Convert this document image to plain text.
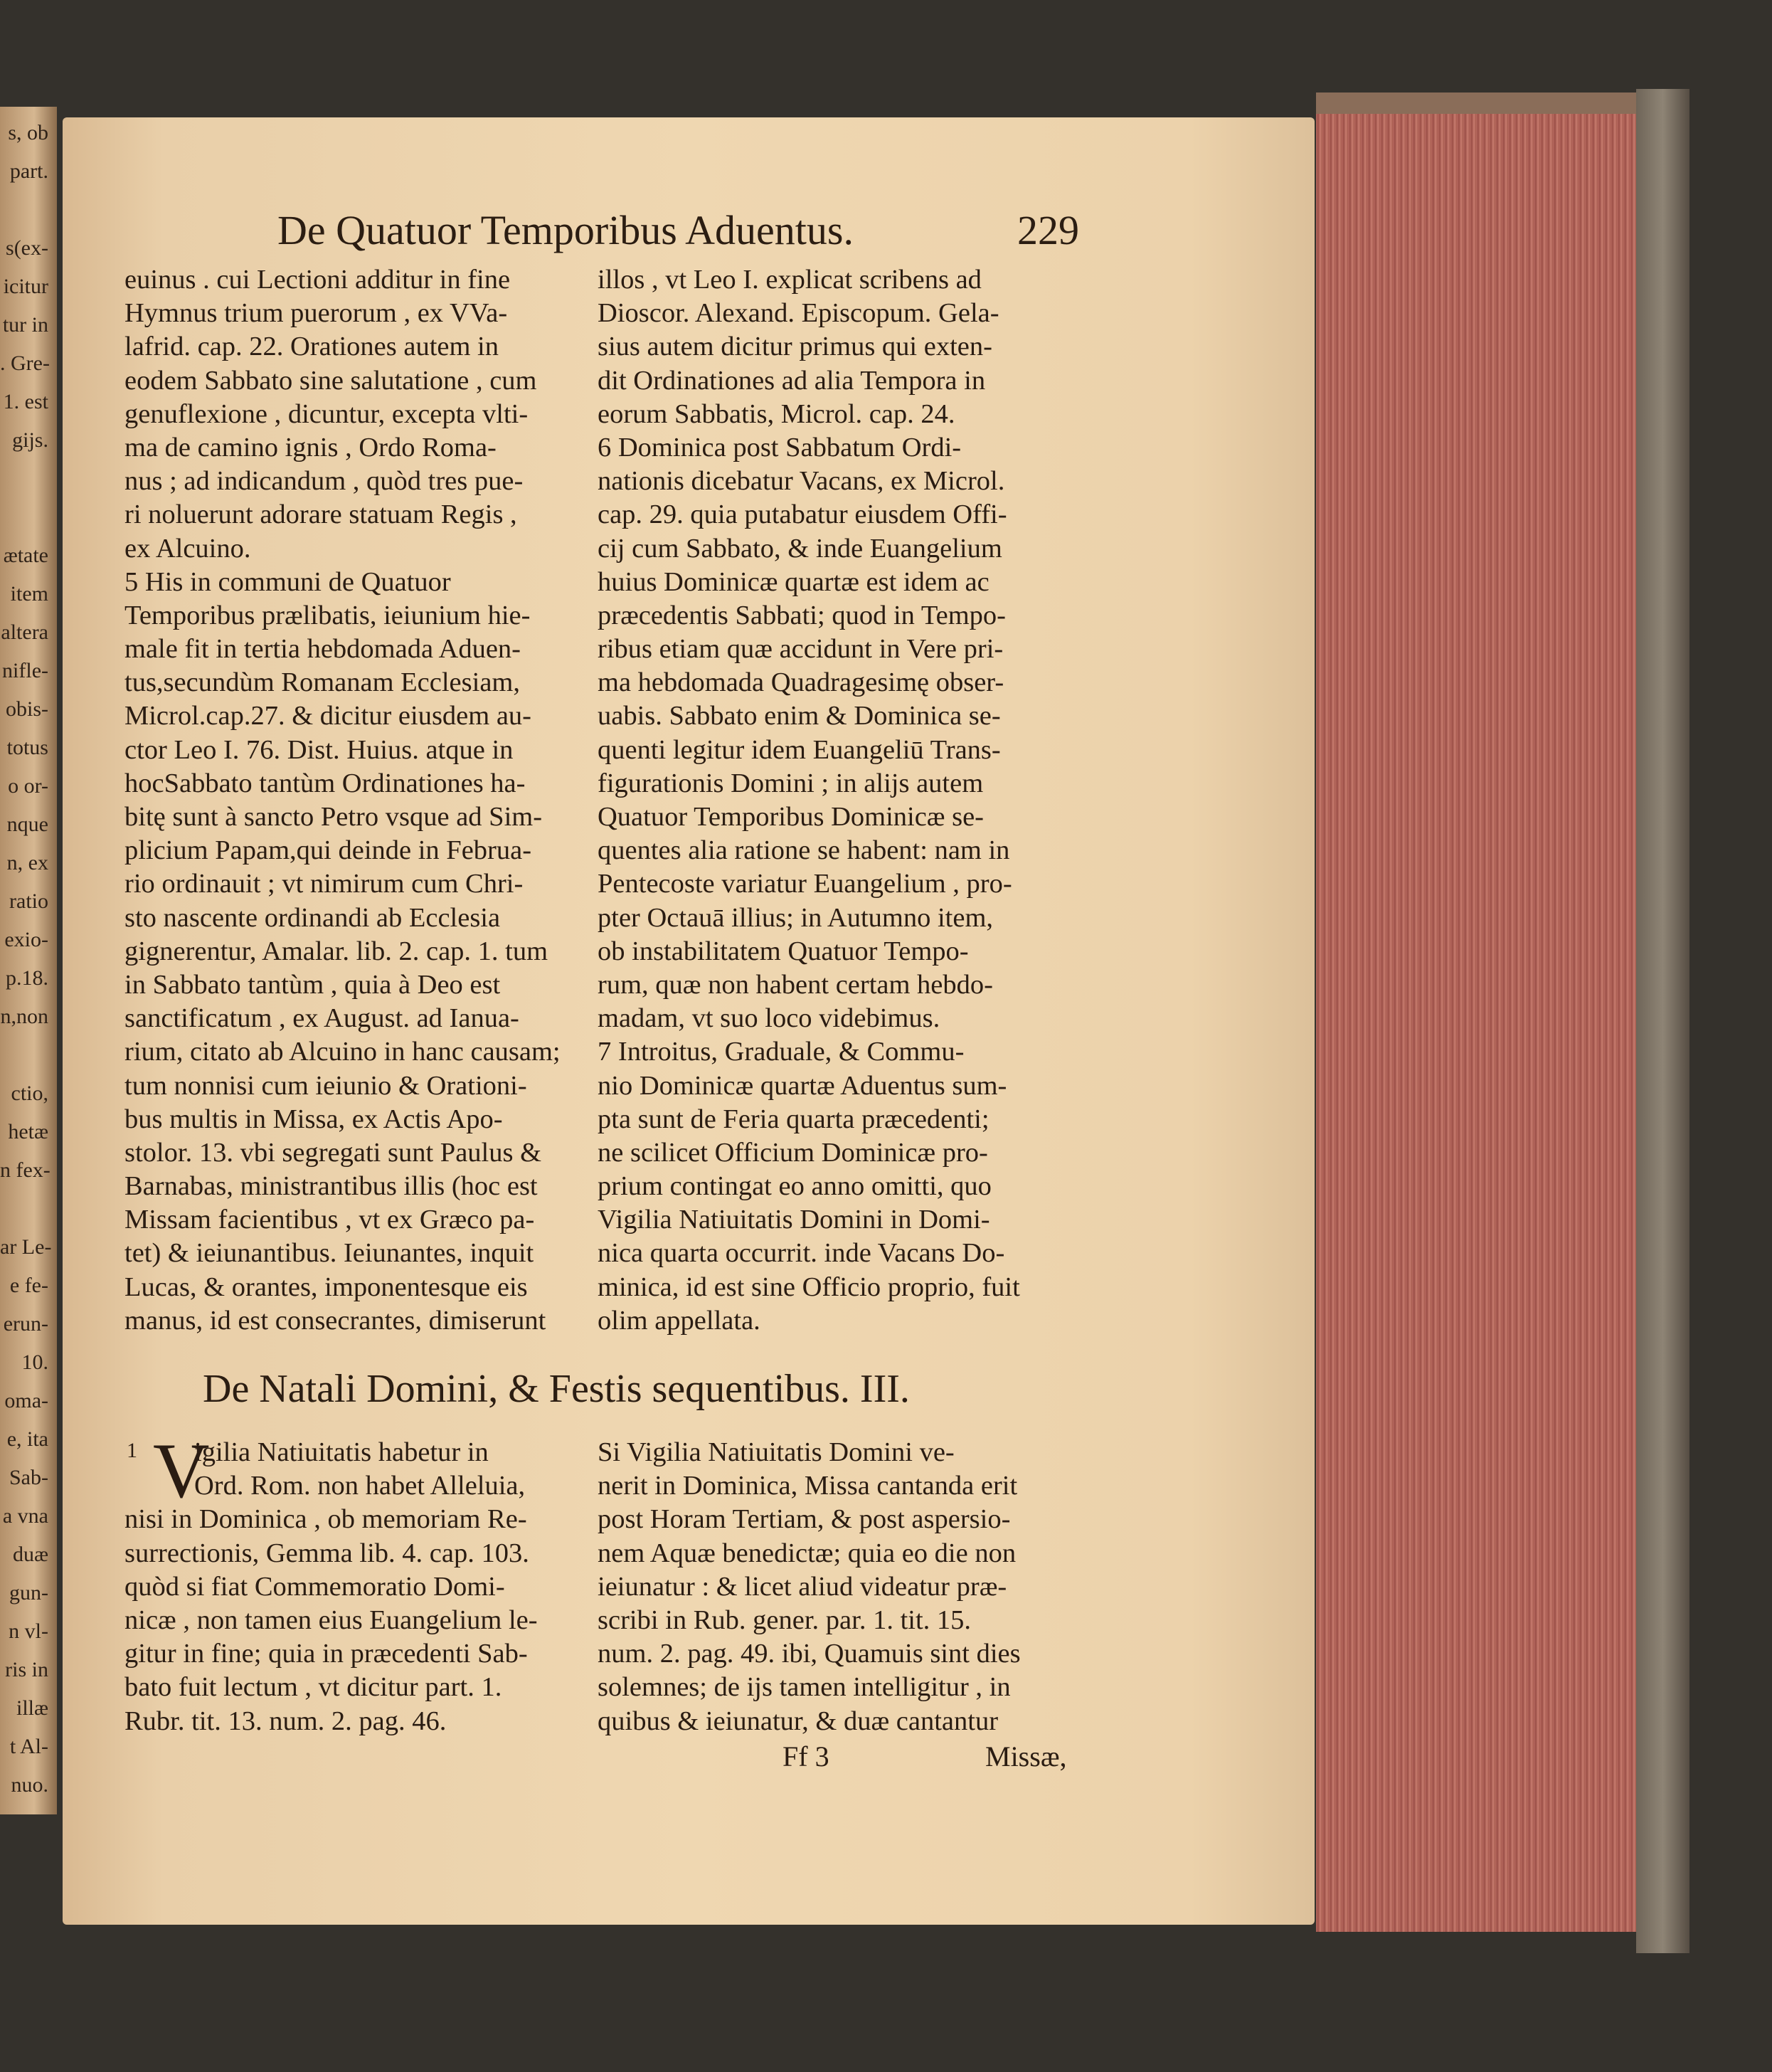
s, ob
part.
s(ex-
icitur
tur in
. Gre-
1. est
gijs.
ætate
item
altera
nifle-
obis-
totus
o or-
nque
n, ex
ratio
exio-
p.18.
n,non
ctio,
hetæ
n fex-
ar Le-
e fe-
erun-
10.
oma-
e, ita
Sab-
a vna
duæ
gun-
n vl-
ris in
illæ
t Al-
nuo.
De Quatuor Temporibus Aduentus.	229
euinus . cui Lectioni additur in fine
Hymnus trium puerorum , ex VVa-
lafrid. cap. 22. Orationes autem in
eodem Sabbato sine salutatione , cum
genuflexione , dicuntur, excepta vlti-
ma de camino ignis , Ordo Roma-
nus ; ad indicandum , quòd tres pue-
ri noluerunt adorare statuam Regis ,
ex Alcuino.
5 His in communi de Quatuor
Temporibus prælibatis, ieiunium hie-
male fit in tertia hebdomada Aduen-
tus,secundùm Romanam Ecclesiam,
Microl.cap.27. & dicitur eiusdem au-
ctor Leo I. 76. Dist. Huius. atque in
hocSabbato tantùm Ordinationes ha-
bitę sunt à sancto Petro vsque ad Sim-
plicium Papam,qui deinde in Februa-
rio ordinauit ; vt nimirum cum Chri-
sto nascente ordinandi ab Ecclesia
gignerentur, Amalar. lib. 2. cap. 1. tum
in Sabbato tantùm , quia à Deo est
sanctificatum , ex August. ad Ianua-
rium, citato ab Alcuino in hanc causam;
tum nonnisi cum ieiunio & Orationi-
bus multis in Missa, ex Actis Apo-
stolor. 13. vbi segregati sunt Paulus &
Barnabas, ministrantibus illis (hoc est
Missam facientibus , vt ex Græco pa-
tet) & ieiunantibus. Ieiunantes, inquit
Lucas, & orantes, imponentesque eis
manus, id est consecrantes, dimiserunt
illos , vt Leo I. explicat scribens ad
Dioscor. Alexand. Episcopum. Gela-
sius autem dicitur primus qui exten-
dit Ordinationes ad alia Tempora in
eorum Sabbatis, Microl. cap. 24.
6 Dominica post Sabbatum Ordi-
nationis dicebatur Vacans, ex Microl.
cap. 29. quia putabatur eiusdem Offi-
cij cum Sabbato, & inde Euangelium
huius Dominicæ quartæ est idem ac
præcedentis Sabbati; quod in Tempo-
ribus etiam quæ accidunt in Vere pri-
ma hebdomada Quadragesimę obser-
uabis. Sabbato enim & Dominica se-
quenti legitur idem Euangeliū Trans-
figurationis Domini ; in alijs autem
Quatuor Temporibus Dominicæ se-
quentes alia ratione se habent: nam in
Pentecoste variatur Euangelium , pro-
pter Octauā illius; in Autumno item,
ob instabilitatem Quatuor Tempo-
rum, quæ non habent certam hebdo-
madam, vt suo loco videbimus.
7 Introitus, Graduale, & Commu-
nio Dominicæ quartæ Aduentus sum-
pta sunt de Feria quarta præcedenti;
ne scilicet Officium Dominicæ pro-
prium contingat eo anno omitti, quo
Vigilia Natiuitatis Domini in Domi-
nica quarta occurrit. inde Vacans Do-
minica, id est sine Officio proprio, fuit
olim appellata.
De Natali Domini, & Festis sequentibus. III.
1 V
igilia Natiuitatis habetur in
Ord. Rom. non habet Alleluia,
nisi in Dominica , ob memoriam Re-
surrectionis, Gemma lib. 4. cap. 103.
quòd si fiat Commemoratio Domi-
nicæ , non tamen eius Euangelium le-
gitur in fine; quia in præcedenti Sab-
bato fuit lectum , vt dicitur part. 1.
Rubr. tit. 13. num. 2. pag. 46.
Si Vigilia Natiuitatis Domini ve-
nerit in Dominica, Missa cantanda erit
post Horam Tertiam, & post aspersio-
nem Aquæ benedictæ; quia eo die non
ieiunatur : & licet aliud videatur præ-
scribi in Rub. gener. par. 1. tit. 15.
num. 2. pag. 49. ibi, Quamuis sint dies
solemnes; de ijs tamen intelligitur , in
quibus & ieiunatur, & duæ cantantur
Ff 3	Missæ,
